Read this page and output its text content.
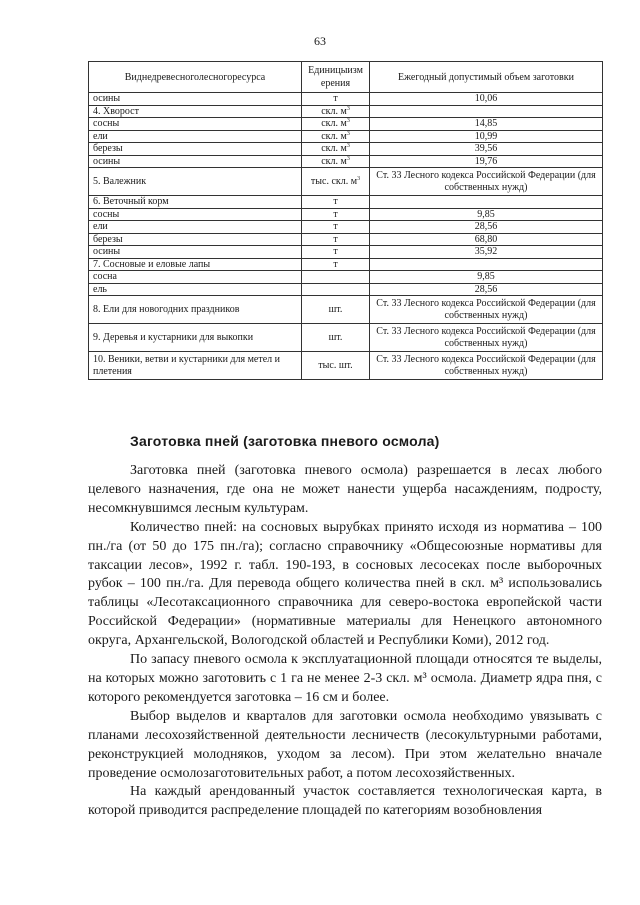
63
Виднедревесноголесногоресурса	Единицыизм ерения	Ежегодный допустимый объем заготовки
осины	т	10,06
4. Хворост	скл. $м^3$	
сосны	скл. $м^3$	14,85
ели	скл. $м^3$	10,99
березы	скл. $м^3$	39,56
осины	скл. $м^3$	19,76
5. Валежник	тыс. скл. $м^3$	Ст. 33 Лесного кодекса Российской Федерации (для собственных нужд)
6. Веточный корм	т	
сосны	т	9,85
ели	т	28,56
березы	т	68,80
осины	т	35,92
7. Сосновые и еловые лапы	т	
сосна		9,85
ель		28,56
8. Ели для новогодних праздников	шт.	Ст. 33 Лесного кодекса Российской Федерации (для собственных нужд)
9. Деревья и кустарники для выкопки	шт.	Ст. 33 Лесного кодекса Российской Федерации (для собственных нужд)
10. Веники, ветви и кустарники для метел и плетения	тыс. шт.	Ст. 33 Лесного кодекса Российской Федерации (для собственных нужд)
Заготовка пней (заготовка пневого осмола)

Заготовка пней (заготовка пневого осмола) разрешается в лесах любого целевого назначения, где она не может нанести ущерба насаждениям, подросту, несомкнувшимся лесным культурам.

Количество пней: на сосновых вырубках принято исходя из норматива – 100 пн./га (от 50 до 175 пн./га); согласно справочнику «Общесоюзные нормативы для таксации лесов», 1992 г. табл. 190-193, в сосновых лесосеках после выборочных рубок – 100 пн./га. Для перевода общего количества пней в скл. м³ использовались таблицы «Лесотаксационного справочника для северо-востока европейской части Российской Федерации» (нормативные материалы для Ненецкого автономного округа, Архангельской, Вологодской областей и Республики Коми), 2012 год.

По запасу пневого осмола к эксплуатационной площади относятся те выделы, на которых можно заготовить с 1 га не менее 2-3 скл. м³ осмола. Диаметр ядра пня, с которого рекомендуется заготовка – 16 см и более.

Выбор выделов и кварталов для заготовки осмола необходимо увязывать с планами лесохозяйственной деятельности лесничеств (лесокультурными работами, реконструкцией молодняков, уходом за лесом). При этом желательно вначале проведение осмолозаготовительных работ, а потом лесохозяйственных.

На каждый арендованный участок составляется технологическая карта, в которой приводится распределение площадей по категориям возобновления
